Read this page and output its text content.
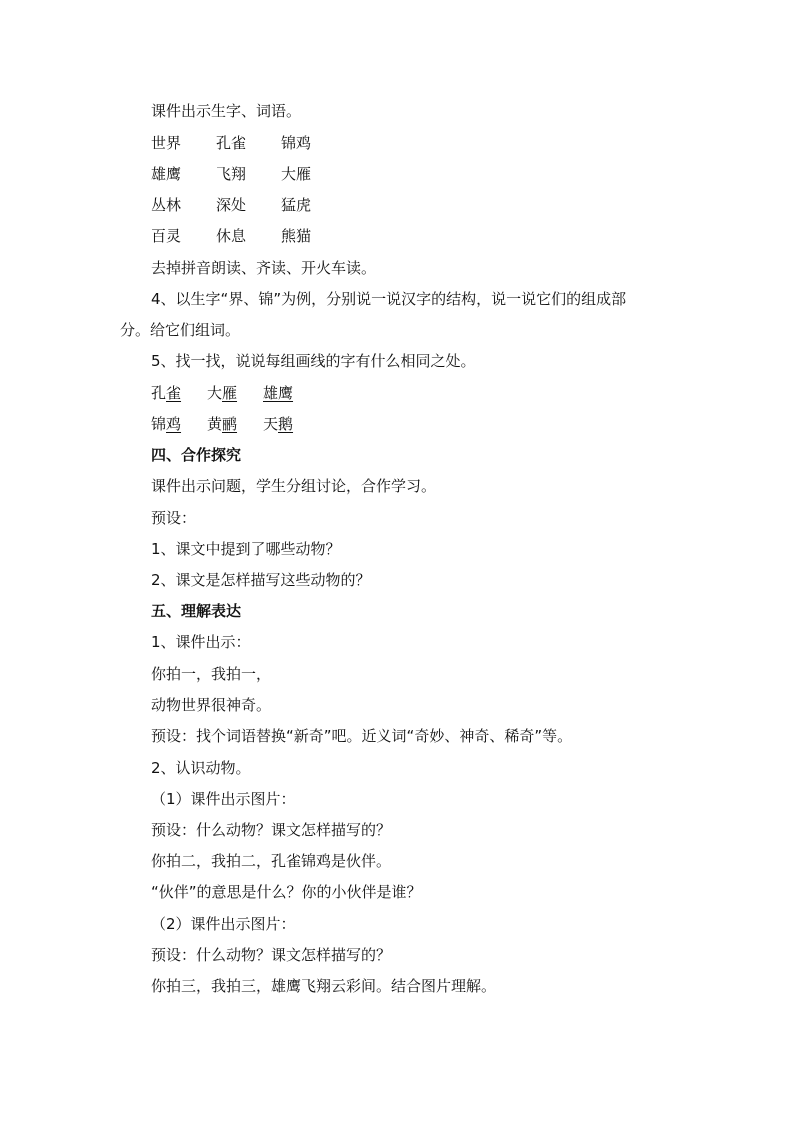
课件出示生字、词语。
世界 孔雀 锦鸡
雄鹰 飞翔 大雁
丛林 深处 猛虎
百灵 休息 熊猫
去掉拼音朗读、齐读、开火车读。
4、以生字“界、锦”为例，分别说一说汉字的结构，说一说它们的组成部
分。给它们组词。
5、找一找，说说每组画线的字有什么相同之处。
孔雀 大雁 雄鹰
锦鸡 黄鹂 天鹅
四、合作探究
课件出示问题，学生分组讨论，合作学习。
预设：
1、课文中提到了哪些动物？
2、课文是怎样描写这些动物的？
五、理解表达
1、课件出示：
你拍一，我拍一，
动物世界很神奇。
预设：找个词语替换“新奇”吧。近义词“奇妙、神奇、稀奇”等。
2、认识动物。
（1）课件出示图片：
预设：什么动物？课文怎样描写的？
你拍二，我拍二，孔雀锦鸡是伙伴。
“伙伴”的意思是什么？你的小伙伴是谁？
（2）课件出示图片：
预设：什么动物？课文怎样描写的？
你拍三，我拍三，雄鹰飞翔云彩间。结合图片理解。
